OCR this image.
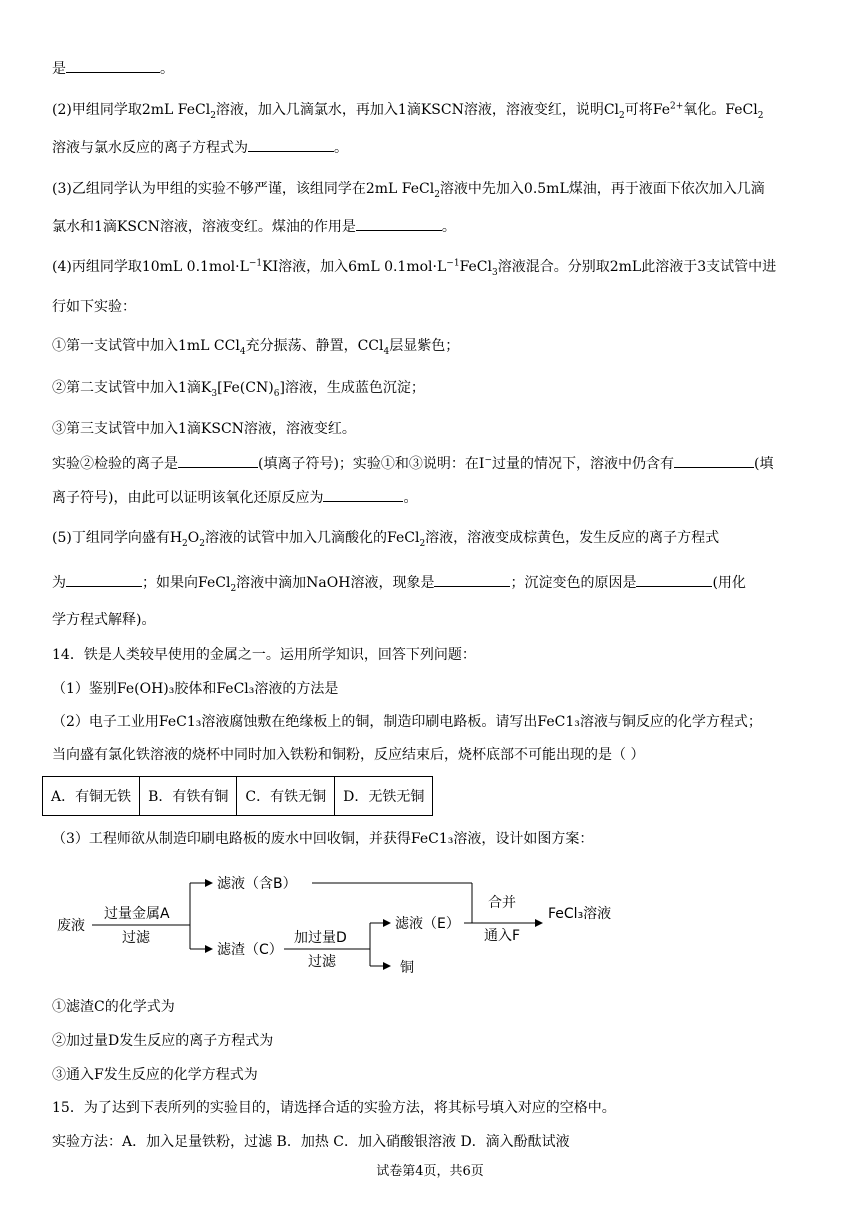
是	。
(2)甲组同学取2mL FeCl$_2$溶液，加入几滴氯水，再加入1滴KSCN溶液，溶液变红，说明$Cl_2$可将$Fe^{2+}$氧化。FeCl$_2$
溶液与氯水反应的离子方程式为	。
(3)乙组同学认为甲组的实验不够严谨，该组同学在2mL FeCl$_2$溶液中先加入0.5mL煤油，再于液面下依次加入几滴
氯水和1滴KSCN溶液，溶液变红。煤油的作用是	。
(4)丙组同学取10mL $0.1mol\cdot L^{-1}KI$溶液，加入6mL $0.1mol\cdot L^{-1}FeCl_3$溶液混合。分别取2mL此溶液于3支试管中进
行如下实验：
①第一支试管中加入1mL CCl$_4$充分振荡、静置，CCl$_4$层显紫色；
②第二支试管中加入1滴$K_3[Fe(CN)_6]$溶液，生成蓝色沉淀；
③第三支试管中加入1滴KSCN溶液，溶液变红。
实验②检验的离子是	(填离子符号)；实验①和③说明：在I−过量的情况下，溶液中仍含有	(填
离子符号)，由此可以证明该氧化还原反应为	。
(5)丁组同学向盛有$H_2O_2$溶液的试管中加入几滴酸化的FeCl$_2$溶液，溶液变成棕黄色，发生反应的离子方程式
为	；如果向FeCl$_2$溶液中滴加NaOH溶液，现象是	；沉淀变色的原因是	(用化
学方程式解释)。
14．铁是人类较早使用的金属之一。运用所学知识，回答下列问题：
（1）鉴别Fe(OH)₃胶体和FeCl₃溶液的方法是
（2）电子工业用FeC1₃溶液腐蚀敷在绝缘板上的铜，制造印刷电路板。请写出FeC1₃溶液与铜反应的化学方程式；
当向盛有氯化铁溶液的烧杯中同时加入铁粉和铜粉，反应结束后，烧杯底部不可能出现的是（ ）
A．有铜无铁	B．有铁有铜	C．有铁无铜	D．无铁无铜
（3）工程师欲从制造印刷电路板的废水中回收铜，并获得FeC1₃溶液，设计如图方案：
废液
过量金属A
过滤
滤液（含B）
滤渣（C）
加过量D
过滤
滤液（E）
铜
合并
通入F
FeCl₃溶液
①滤渣C的化学式为
②加过量D发生反应的离子方程式为
③通入F发生反应的化学方程式为
15．为了达到下表所列的实验目的，请选择合适的实验方法，将其标号填入对应的空格中。
实验方法：A．加入足量铁粉，过滤 B．加热 C．加入硝酸银溶液 D．滴入酚酞试液
试卷第4页，共6页
